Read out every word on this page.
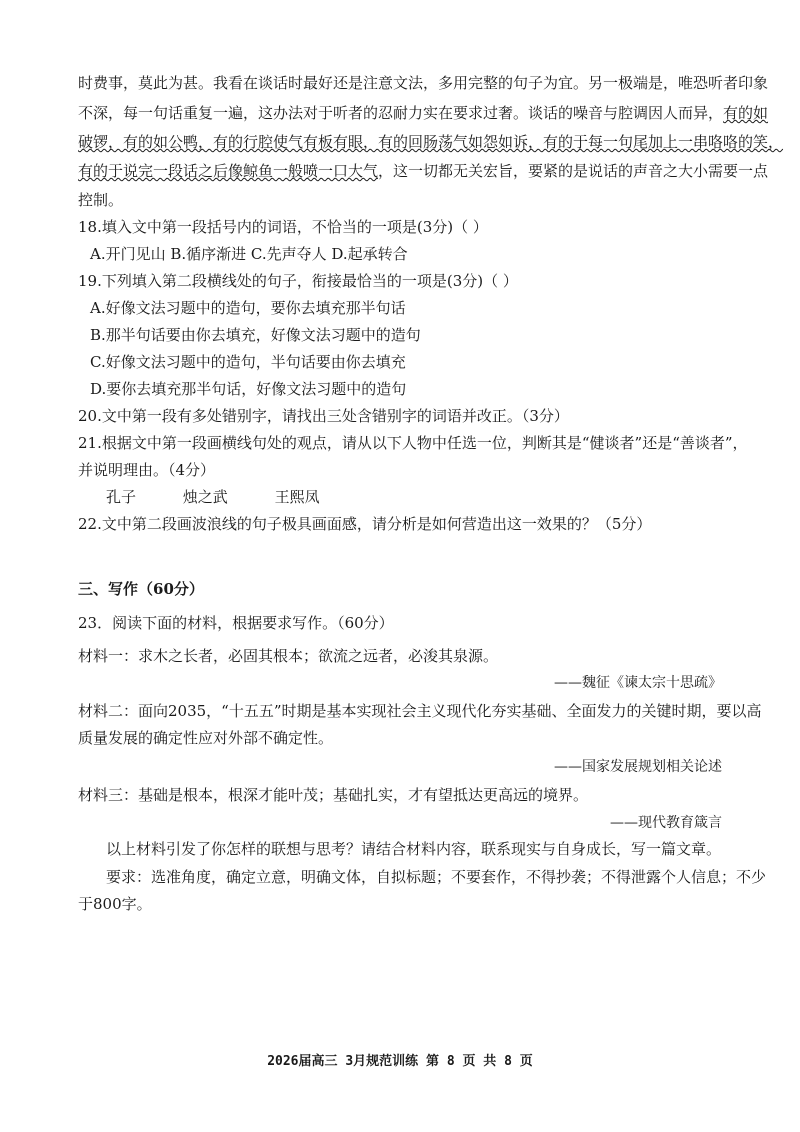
时费事，莫此为甚。我看在谈话时最好还是注意文法，多用完整的句子为宜。另一极端是，唯恐听者印象
不深，每一句话重复一遍，这办法对于听者的忍耐力实在要求过奢。谈话的噪音与腔调因人而异，有的如
破锣，有的如公鸭，有的行腔使气有板有眼，有的回肠荡气如怨如诉，有的于每一句尾加上一串咯咯的笑，
有的于说完一段话之后像鲸鱼一般喷一口大气，这一切都无关宏旨，要紧的是说话的声音之大小需要一点
控制。
18.填入文中第一段括号内的词语，不恰当的一项是(3分)（ ）
A.开门见山 B.循序渐进 C.先声夺人 D.起承转合
19.下列填入第二段横线处的句子，衔接最恰当的一项是(3分)（ ）
A.好像文法习题中的造句，要你去填充那半句话
B.那半句话要由你去填充，好像文法习题中的造句
C.好像文法习题中的造句，半句话要由你去填充
D.要你去填充那半句话，好像文法习题中的造句
20.文中第一段有多处错别字，请找出三处含错别字的词语并改正。（3分）
21.根据文中第一段画横线句处的观点，请从以下人物中任选一位，判断其是“健谈者”还是“善谈者”，
并说明理由。（4分）
孔子	烛之武	王熙凤
22.文中第二段画波浪线的句子极具画面感，请分析是如何营造出这一效果的？（5分）
三、写作（60分）
23．阅读下面的材料，根据要求写作。（60分）
材料一：求木之长者，必固其根本；欲流之远者，必浚其泉源。
——魏征《谏太宗十思疏》
材料二：面向2035，“十五五”时期是基本实现社会主义现代化夯实基础、全面发力的关键时期，要以高
质量发展的确定性应对外部不确定性。
——国家发展规划相关论述
材料三：基础是根本，根深才能叶茂；基础扎实，才有望抵达更高远的境界。
——现代教育箴言
以上材料引发了你怎样的联想与思考？请结合材料内容，联系现实与自身成长，写一篇文章。
要求：选准角度，确定立意，明确文体，自拟标题；不要套作，不得抄袭；不得泄露个人信息；不少
于800字。
2026届高三 3月规范训练 第 8 页 共 8 页
